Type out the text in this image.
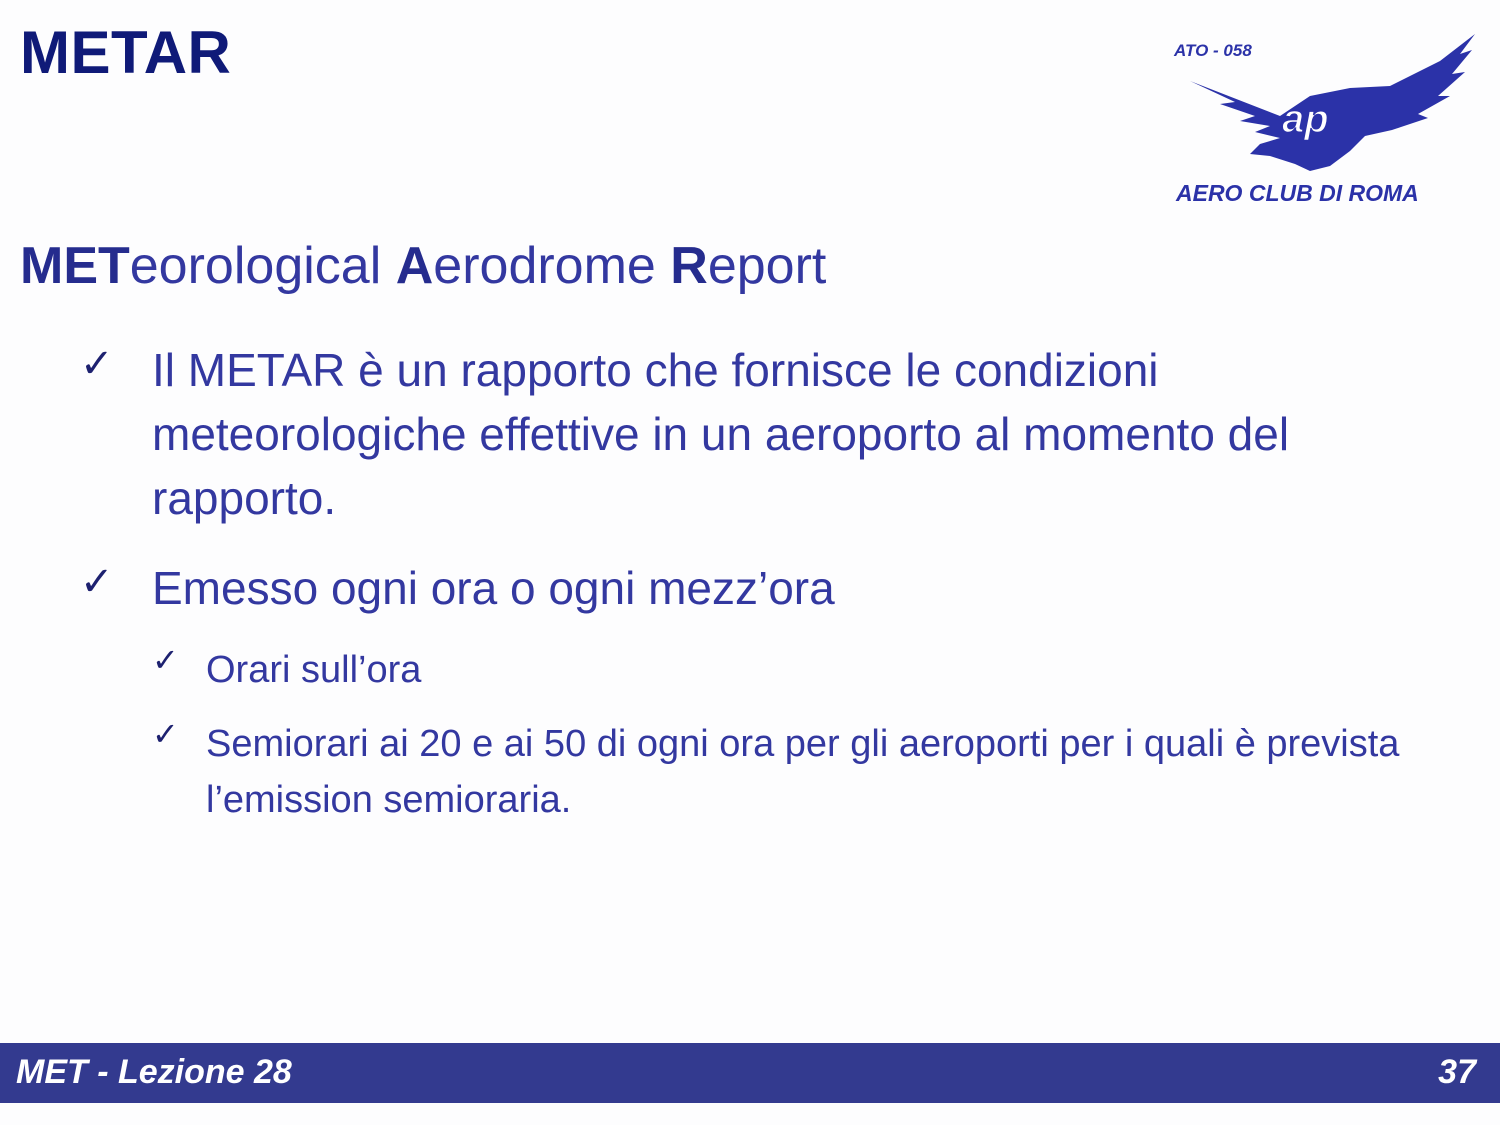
METAR	ATO - 058
ap
AERO CLUB DI ROMA
METeorological Aerodrome Report
✓ Il METAR è un rapporto che fornisce le condizioni meteorologiche effettive in un aeroporto al momento del rapporto.
✓ Emesso ogni ora o ogni mezz’ora
✓ Orari sull’ora
✓ Semiorari ai 20 e ai 50 di ogni ora per gli aeroporti per i quali è prevista l’emission semioraria.
MET - Lezione 28	37
